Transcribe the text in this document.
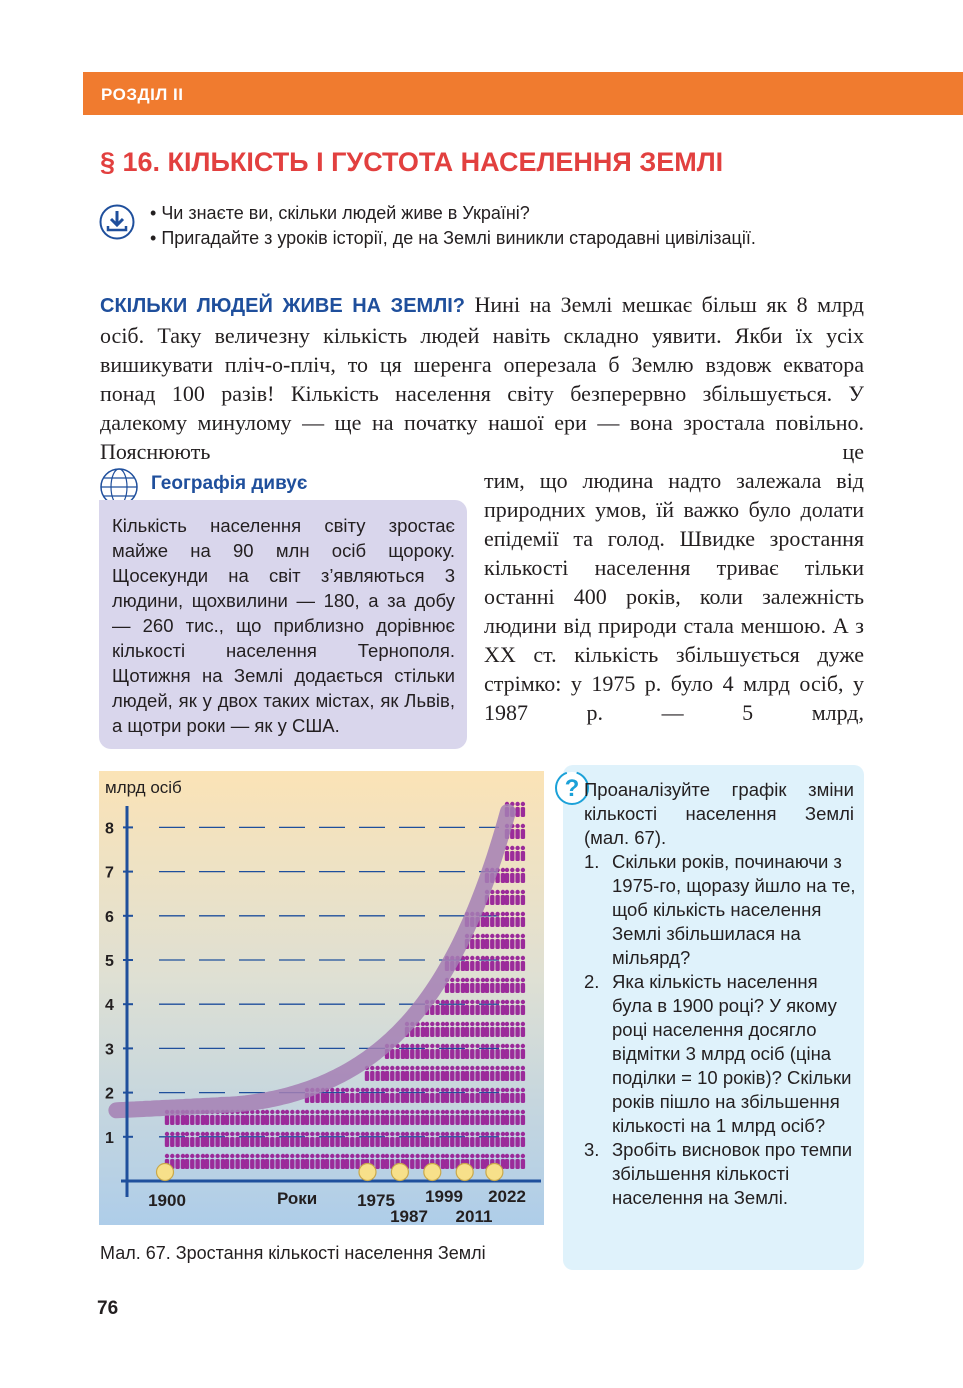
РОЗДІЛ ІІ
§ 16. КІЛЬКІСТЬ І ГУСТОТА НАСЕЛЕННЯ ЗЕМЛІ
• Чи знаєте ви, скільки людей живе в Україні?
• Пригадайте з уроків історії, де на Землі виникли стародавні цивілізації.
СКІЛЬКИ ЛЮДЕЙ ЖИВЕ НА ЗЕМЛІ? Нині на Землі мешкає більш як 8 млрд осіб. Таку величезну кількість людей навіть складно уявити. Якби їх усіх вишикувати пліч-о-пліч, то ця шеренга оперезала б Землю вздовж екватора понад 100 разів! Кількість населення світу безперервно збільшується. У далекому минулому — ще на початку нашої ери — вона зростала повільно. Пояснюють це
Географія дивує
Кількість населення світу зростає майже на 90 млн осіб щороку. Щосекунди на світ з’являються 3 людини, щохвилини — 180, а за добу — 260 тис., що приблизно дорівнює кількості населення Тернополя. Щотижня на Землі додається стільки людей, як у двох таких містах, як Львів, а щотри роки — як у США.
тим, що людина надто залежала від природних умов, їй важко було долати епідемії та голод. Швидке зростання кількості населення триває тільки останні 400 років, коли залежність людини від природи стала меншою. А з XX ст. кількість збільшується дуже стрімко: у 1975 р. було 4 млрд осіб, у 1987 р. — 5 млрд,
млрд осіб
1
2
3
4
5
6
7
8
1900	1975
1987
1999
2011
2022
Роки
Мал. 67. Зростання кількості населення Землі
? Проаналізуйте графік зміни кількості населення Землі (мал. 67).
1. Скільки років, починаючи з 1975-го, щоразу йшло на те, щоб кількість населення Землі збільшилася на мільярд?
2. Яка кількість населення була в 1900 році? У якому році населення досягло відмітки 3 млрд осіб (ціна поділки = 10 років)? Скільки років пішло на збільшення кількості на 1 млрд осіб?
3. Зробіть висновок про темпи збільшення кількості населення на Землі.
76
